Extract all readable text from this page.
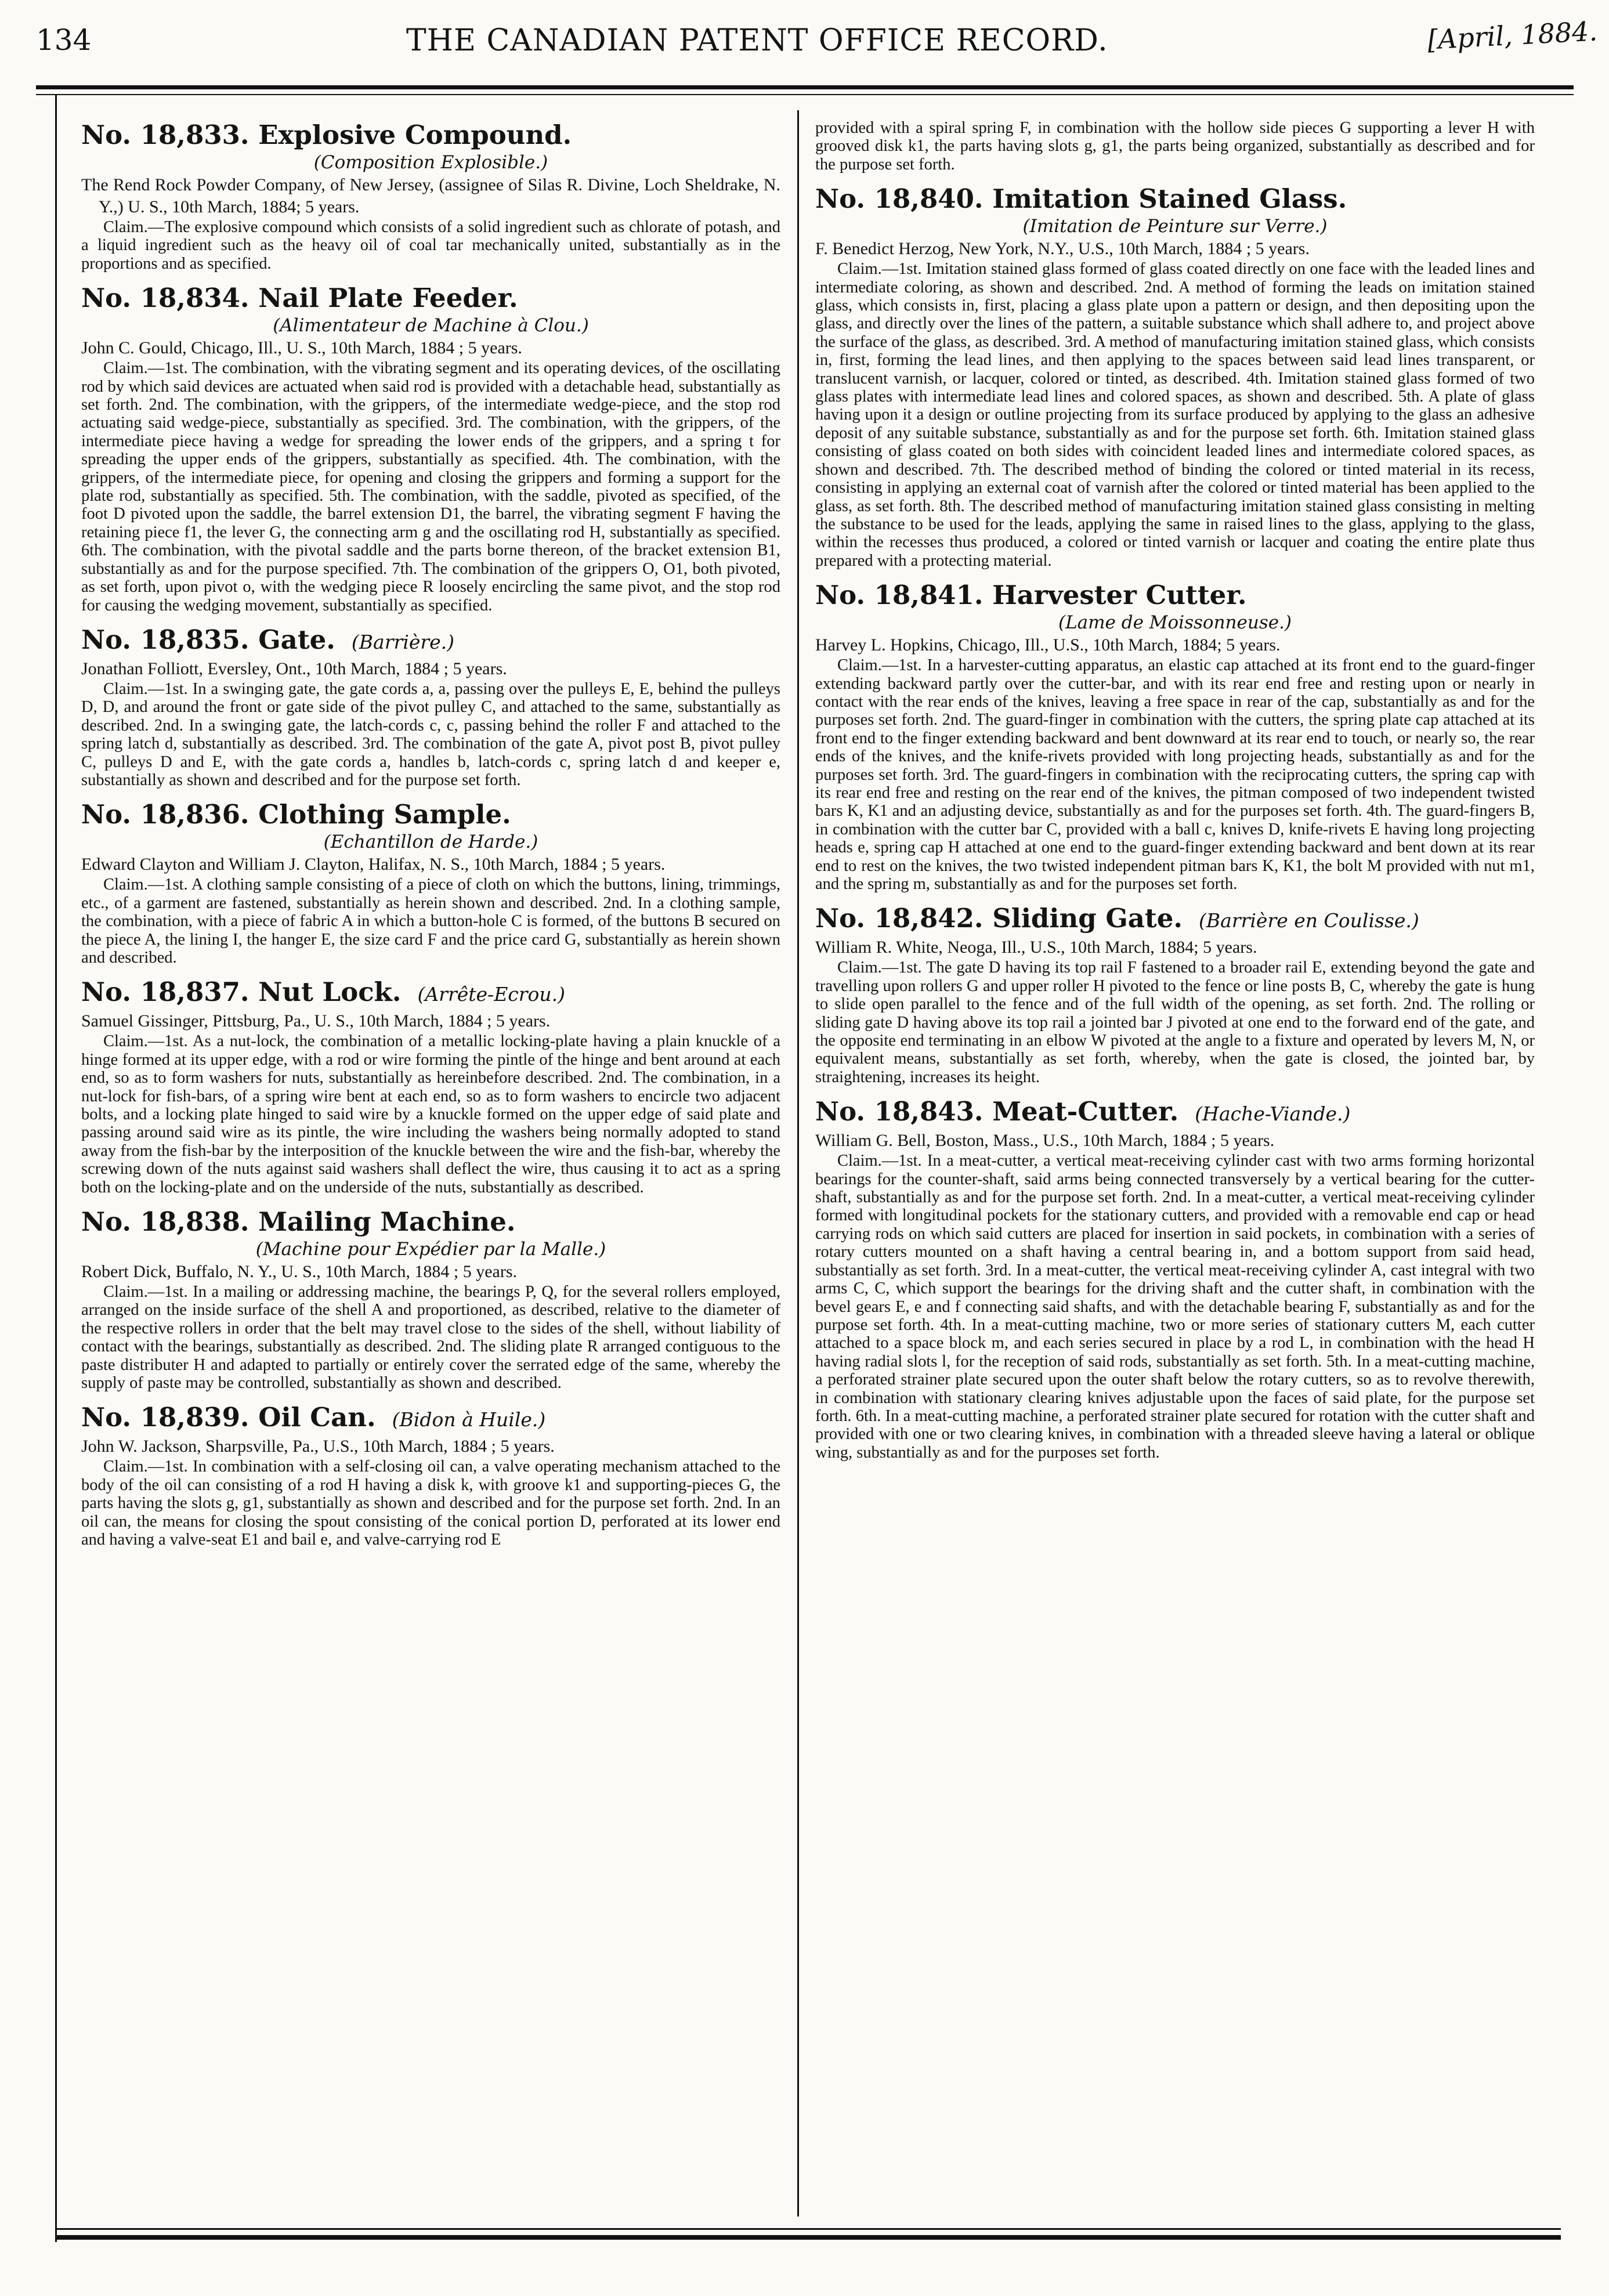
134	THE CANADIAN PATENT OFFICE RECORD.	[April, 1884.
No. 18,833. Explosive Compound.
(Composition Explosible.)
The Rend Rock Powder Company, of New Jersey, (assignee of Silas R. Divine, Loch Sheldrake, N. Y.,) U. S., 10th March, 1884; 5 years.

Claim.—The explosive compound which consists of a solid ingredient such as chlorate of potash, and a liquid ingredient such as the heavy oil of coal tar mechanically united, substantially as in the proportions and as specified.

No. 18,834. Nail Plate Feeder.
(Alimentateur de Machine à Clou.)
John C. Gould, Chicago, Ill., U. S., 10th March, 1884 ; 5 years.

Claim.—1st. The combination, with the vibrating segment and its operating devices, of the oscillating rod by which said devices are actuated when said rod is provided with a detachable head, substantially as set forth. 2nd. The combination, with the grippers, of the intermediate wedge-piece, and the stop rod actuating said wedge-piece, substantially as specified. 3rd. The combination, with the grippers, of the intermediate piece having a wedge for spreading the lower ends of the grippers, and a spring t for spreading the upper ends of the grippers, substantially as specified. 4th. The combination, with the grippers, of the intermediate piece, for opening and closing the grippers and forming a support for the plate rod, substantially as specified. 5th. The combination, with the saddle, pivoted as specified, of the foot D pivoted upon the saddle, the barrel extension D1, the barrel, the vibrating segment F having the retaining piece f1, the lever G, the connecting arm g and the oscillating rod H, substantially as specified. 6th. The combination, with the pivotal saddle and the parts borne thereon, of the bracket extension B1, substantially as and for the purpose specified. 7th. The combination of the grippers O, O1, both pivoted, as set forth, upon pivot o, with the wedging piece R loosely encircling the same pivot, and the stop rod for causing the wedging movement, substantially as specified.

No. 18,835. Gate. (Barrière.)
Jonathan Folliott, Eversley, Ont., 10th March, 1884 ; 5 years.

Claim.—1st. In a swinging gate, the gate cords a, a, passing over the pulleys E, E, behind the pulleys D, D, and around the front or gate side of the pivot pulley C, and attached to the same, substantially as described. 2nd. In a swinging gate, the latch-cords c, c, passing behind the roller F and attached to the spring latch d, substantially as described. 3rd. The combination of the gate A, pivot post B, pivot pulley C, pulleys D and E, with the gate cords a, handles b, latch-cords c, spring latch d and keeper e, substantially as shown and described and for the purpose set forth.

No. 18,836. Clothing Sample.
(Echantillon de Harde.)
Edward Clayton and William J. Clayton, Halifax, N. S., 10th March, 1884 ; 5 years.

Claim.—1st. A clothing sample consisting of a piece of cloth on which the buttons, lining, trimmings, etc., of a garment are fastened, substantially as herein shown and described. 2nd. In a clothing sample, the combination, with a piece of fabric A in which a button-hole C is formed, of the buttons B secured on the piece A, the lining I, the hanger E, the size card F and the price card G, substantially as herein shown and described.

No. 18,837. Nut Lock. (Arrête-Ecrou.)
Samuel Gissinger, Pittsburg, Pa., U. S., 10th March, 1884 ; 5 years.

Claim.—1st. As a nut-lock, the combination of a metallic locking-plate having a plain knuckle of a hinge formed at its upper edge, with a rod or wire forming the pintle of the hinge and bent around at each end, so as to form washers for nuts, substantially as hereinbefore described. 2nd. The combination, in a nut-lock for fish-bars, of a spring wire bent at each end, so as to form washers to encircle two adjacent bolts, and a locking plate hinged to said wire by a knuckle formed on the upper edge of said plate and passing around said wire as its pintle, the wire including the washers being normally adopted to stand away from the fish-bar by the interposition of the knuckle between the wire and the fish-bar, whereby the screwing down of the nuts against said washers shall deflect the wire, thus causing it to act as a spring both on the locking-plate and on the underside of the nuts, substantially as described.

No. 18,838. Mailing Machine.
(Machine pour Expédier par la Malle.)
Robert Dick, Buffalo, N. Y., U. S., 10th March, 1884 ; 5 years.

Claim.—1st. In a mailing or addressing machine, the bearings P, Q, for the several rollers employed, arranged on the inside surface of the shell A and proportioned, as described, relative to the diameter of the respective rollers in order that the belt may travel close to the sides of the shell, without liability of contact with the bearings, substantially as described. 2nd. The sliding plate R arranged contiguous to the paste distributer H and adapted to partially or entirely cover the serrated edge of the same, whereby the supply of paste may be controlled, substantially as shown and described.

No. 18,839. Oil Can. (Bidon à Huile.)
John W. Jackson, Sharpsville, Pa., U.S., 10th March, 1884 ; 5 years.

Claim.—1st. In combination with a self-closing oil can, a valve operating mechanism attached to the body of the oil can consisting of a rod H having a disk k, with groove k1 and supporting-pieces G, the parts having the slots g, g1, substantially as shown and described and for the purpose set forth. 2nd. In an oil can, the means for closing the spout consisting of the conical portion D, perforated at its lower end and having a valve-seat E1 and bail e, and valve-carrying rod E

provided with a spiral spring F, in combination with the hollow side pieces G supporting a lever H with grooved disk k1, the parts having slots g, g1, the parts being organized, substantially as described and for the purpose set forth.

No. 18,840. Imitation Stained Glass.
(Imitation de Peinture sur Verre.)
F. Benedict Herzog, New York, N.Y., U.S., 10th March, 1884 ; 5 years.

Claim.—1st. Imitation stained glass formed of glass coated directly on one face with the leaded lines and intermediate coloring, as shown and described. 2nd. A method of forming the leads on imitation stained glass, which consists in, first, placing a glass plate upon a pattern or design, and then depositing upon the glass, and directly over the lines of the pattern, a suitable substance which shall adhere to, and project above the surface of the glass, as described. 3rd. A method of manufacturing imitation stained glass, which consists in, first, forming the lead lines, and then applying to the spaces between said lead lines transparent, or translucent varnish, or lacquer, colored or tinted, as described. 4th. Imitation stained glass formed of two glass plates with intermediate lead lines and colored spaces, as shown and described. 5th. A plate of glass having upon it a design or outline projecting from its surface produced by applying to the glass an adhesive deposit of any suitable substance, substantially as and for the purpose set forth. 6th. Imitation stained glass consisting of glass coated on both sides with coincident leaded lines and intermediate colored spaces, as shown and described. 7th. The described method of binding the colored or tinted material in its recess, consisting in applying an external coat of varnish after the colored or tinted material has been applied to the glass, as set forth. 8th. The described method of manufacturing imitation stained glass consisting in melting the substance to be used for the leads, applying the same in raised lines to the glass, applying to the glass, within the recesses thus produced, a colored or tinted varnish or lacquer and coating the entire plate thus prepared with a protecting material.

No. 18,841. Harvester Cutter.
(Lame de Moissonneuse.)
Harvey L. Hopkins, Chicago, Ill., U.S., 10th March, 1884; 5 years.

Claim.—1st. In a harvester-cutting apparatus, an elastic cap attached at its front end to the guard-finger extending backward partly over the cutter-bar, and with its rear end free and resting upon or nearly in contact with the rear ends of the knives, leaving a free space in rear of the cap, substantially as and for the purposes set forth. 2nd. The guard-finger in combination with the cutters, the spring plate cap attached at its front end to the finger extending backward and bent downward at its rear end to touch, or nearly so, the rear ends of the knives, and the knife-rivets provided with long projecting heads, substantially as and for the purposes set forth. 3rd. The guard-fingers in combination with the reciprocating cutters, the spring cap with its rear end free and resting on the rear end of the knives, the pitman composed of two independent twisted bars K, K1 and an adjusting device, substantially as and for the purposes set forth. 4th. The guard-fingers B, in combination with the cutter bar C, provided with a ball c, knives D, knife-rivets E having long projecting heads e, spring cap H attached at one end to the guard-finger extending backward and bent down at its rear end to rest on the knives, the two twisted independent pitman bars K, K1, the bolt M provided with nut m1, and the spring m, substantially as and for the purposes set forth.

No. 18,842. Sliding Gate. (Barrière en Coulisse.)
William R. White, Neoga, Ill., U.S., 10th March, 1884; 5 years.

Claim.—1st. The gate D having its top rail F fastened to a broader rail E, extending beyond the gate and travelling upon rollers G and upper roller H pivoted to the fence or line posts B, C, whereby the gate is hung to slide open parallel to the fence and of the full width of the opening, as set forth. 2nd. The rolling or sliding gate D having above its top rail a jointed bar J pivoted at one end to the forward end of the gate, and the opposite end terminating in an elbow W pivoted at the angle to a fixture and operated by levers M, N, or equivalent means, substantially as set forth, whereby, when the gate is closed, the jointed bar, by straightening, increases its height.

No. 18,843. Meat-Cutter. (Hache-Viande.)
William G. Bell, Boston, Mass., U.S., 10th March, 1884 ; 5 years.

Claim.—1st. In a meat-cutter, a vertical meat-receiving cylinder cast with two arms forming horizontal bearings for the counter-shaft, said arms being connected transversely by a vertical bearing for the cutter-shaft, substantially as and for the purpose set forth. 2nd. In a meat-cutter, a vertical meat-receiving cylinder formed with longitudinal pockets for the stationary cutters, and provided with a removable end cap or head carrying rods on which said cutters are placed for insertion in said pockets, in combination with a series of rotary cutters mounted on a shaft having a central bearing in, and a bottom support from said head, substantially as set forth. 3rd. In a meat-cutter, the vertical meat-receiving cylinder A, cast integral with two arms C, C, which support the bearings for the driving shaft and the cutter shaft, in combination with the bevel gears E, e and f connecting said shafts, and with the detachable bearing F, substantially as and for the purpose set forth. 4th. In a meat-cutting machine, two or more series of stationary cutters M, each cutter attached to a space block m, and each series secured in place by a rod L, in combination with the head H having radial slots l, for the reception of said rods, substantially as set forth. 5th. In a meat-cutting machine, a perforated strainer plate secured upon the outer shaft below the rotary cutters, so as to revolve therewith, in combination with stationary clearing knives adjustable upon the faces of said plate, for the purpose set forth. 6th. In a meat-cutting machine, a perforated strainer plate secured for rotation with the cutter shaft and provided with one or two clearing knives, in combination with a threaded sleeve having a lateral or oblique wing, substantially as and for the purposes set forth.
